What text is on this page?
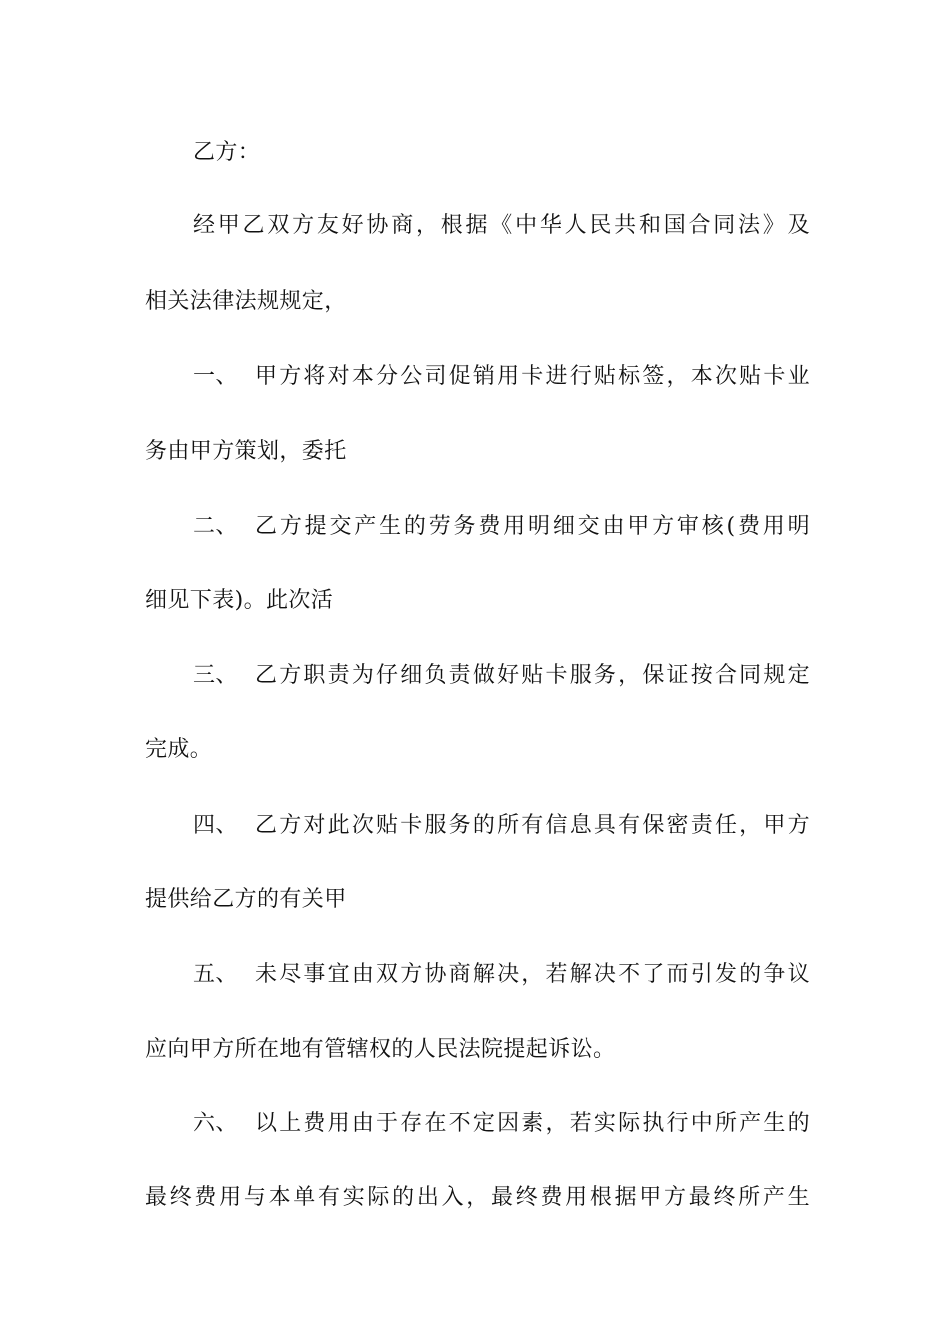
乙方：
经甲乙双方友好协商，根据《中华人民共和国合同法》及
相关法律法规规定，
一、 甲方将对本分公司促销用卡进行贴标签，本次贴卡业
务由甲方策划，委托
二、 乙方提交产生的劳务费用明细交由甲方审核(费用明
细见下表)。此次活
三、 乙方职责为仔细负责做好贴卡服务，保证按合同规定
完成。
四、 乙方对此次贴卡服务的所有信息具有保密责任，甲方
提供给乙方的有关甲
五、 未尽事宜由双方协商解决，若解决不了而引发的争议
应向甲方所在地有管辖权的人民法院提起诉讼。
六、 以上费用由于存在不定因素，若实际执行中所产生的
最终费用与本单有实际的出入，最终费用根据甲方最终所产生
